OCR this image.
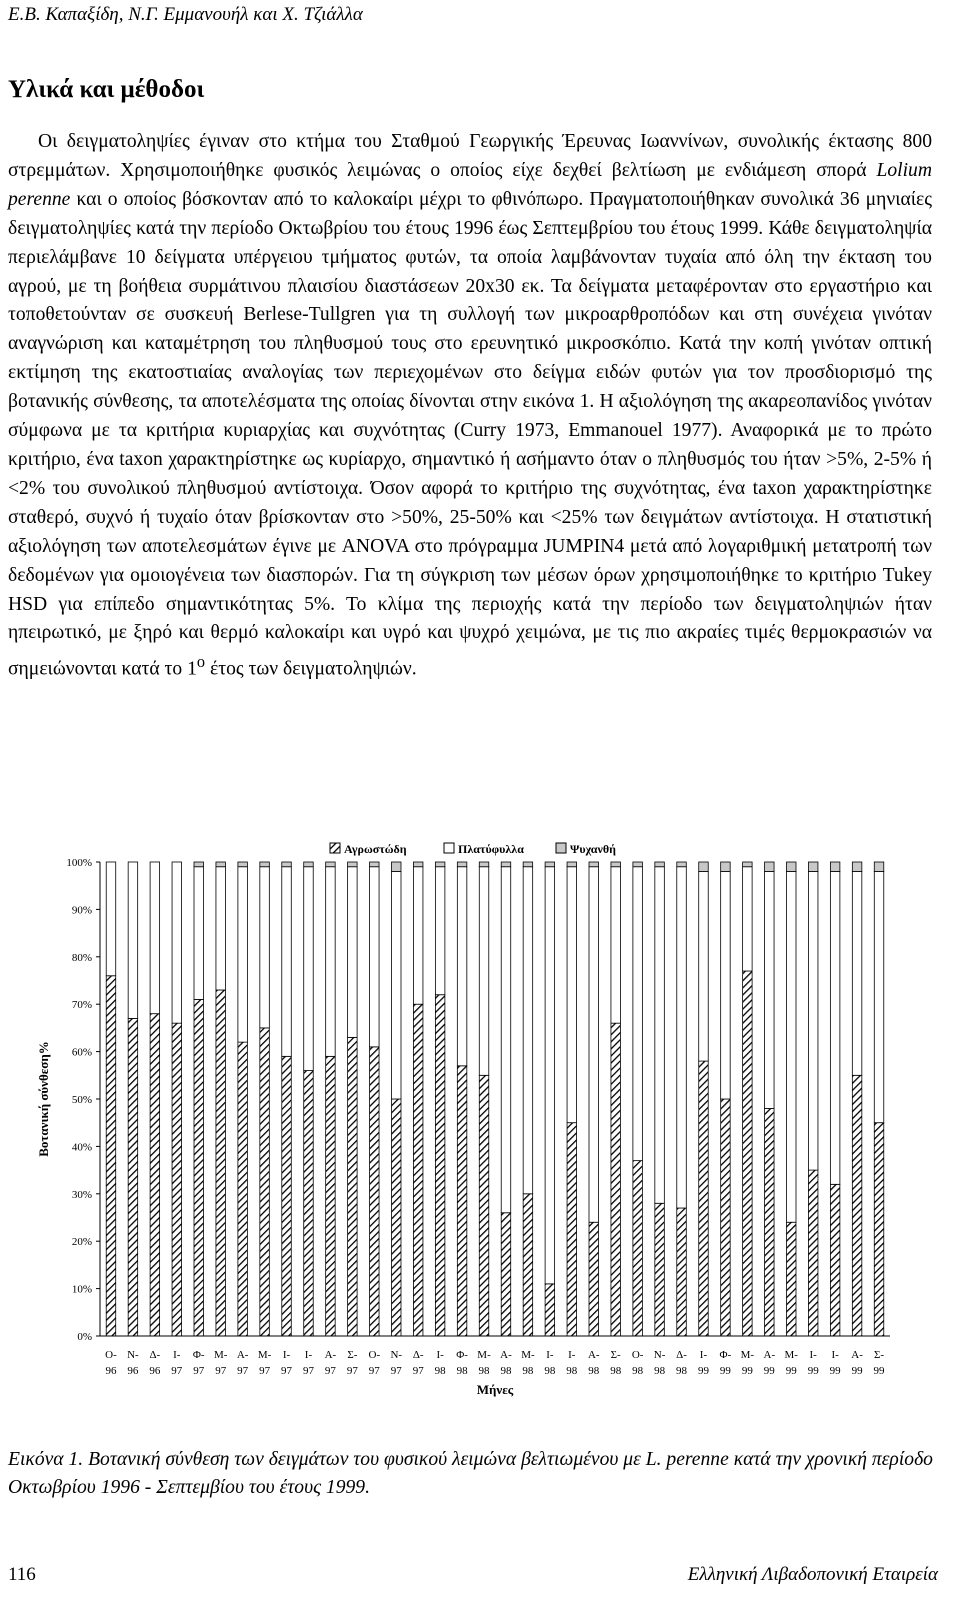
Ε.Β. Καπαξίδη, Ν.Γ. Εμμανουήλ και Χ. Τζιάλλα
Υλικά και μέθοδοι

Οι δειγματοληψίες έγιναν στο κτήμα του Σταθμού Γεωργικής Έρευνας Ιωαννίνων, συνολικής έκτασης 800 στρεμμάτων. Χρησιμοποιήθηκε φυσικός λειμώνας ο οποίος είχε δεχθεί βελτίωση με ενδιάμεση σπορά Lolium perenne και ο οποίος βόσκονταν από το καλοκαίρι μέχρι το φθινόπωρο. Πραγματοποιήθηκαν συνολικά 36 μηνιαίες δειγματοληψίες κατά την περίοδο Οκτωβρίου του έτους 1996 έως Σεπτεμβρίου του έτους 1999. Κάθε δειγματοληψία περιελάμβανε 10 δείγματα υπέργειου τμήματος φυτών, τα οποία λαμβάνονταν τυχαία από όλη την έκταση του αγρού, με τη βοήθεια συρμάτινου πλαισίου διαστάσεων 20x30 εκ. Τα δείγματα μεταφέρονταν στο εργαστήριο και τοποθετούνταν σε συσκευή Berlese-Tullgren για τη συλλογή των μικροαρθροπόδων και στη συνέχεια γινόταν αναγνώριση και καταμέτρηση του πληθυσμού τους στο ερευνητικό μικροσκόπιο. Κατά την κοπή γινόταν οπτική εκτίμηση της εκατοστιαίας αναλογίας των περιεχομένων στο δείγμα ειδών φυτών για τον προσδιορισμό της βοτανικής σύνθεσης, τα αποτελέσματα της οποίας δίνονται στην εικόνα 1. Η αξιολόγηση της ακαρεοπανίδος γινόταν σύμφωνα με τα κριτήρια κυριαρχίας και συχνότητας (Curry 1973, Emmanouel 1977). Αναφορικά με το πρώτο κριτήριο, ένα taxon χαρακτηρίστηκε ως κυρίαρχο, σημαντικό ή ασήμαντο όταν ο πληθυσμός του ήταν >5%, 2-5% ή <2% του συνολικού πληθυσμού αντίστοιχα. Όσον αφορά το κριτήριο της συχνότητας, ένα taxon χαρακτηρίστηκε σταθερό, συχνό ή τυχαίο όταν βρίσκονταν στο >50%, 25-50% και <25% των δειγμάτων αντίστοιχα. Η στατιστική αξιολόγηση των αποτελεσμάτων έγινε με ANOVA στο πρόγραμμα JUMPIN4 μετά από λογαριθμική μετατροπή των δεδομένων για ομοιογένεια των διασπορών. Για τη σύγκριση των μέσων όρων χρησιμοποιήθηκε το κριτήριο Tukey HSD για επίπεδο σημαντικότητας 5%. Το κλίμα της περιοχής κατά την περίοδο των δειγματοληψιών ήταν ηπειρωτικό, με ξηρό και θερμό καλοκαίρι και υγρό και ψυχρό χειμώνα, με τις πιο ακραίες τιμές θερμοκρασιών να σημειώνονται κατά το $1^o$ έτος των δειγματοληψιών.

Αγρωστώδη	Πλατύφυλλα	Ψυχανθή
0%
10%
20%
30%
40%
50%
60%
70%
80%
90%
100%
Βοτανική σύνθεση%
Ο-
96
Ν-
96
Δ-
96
Ι-
97
Φ-
97
Μ-
97
Α-
97
Μ-
97
Ι-
97
Ι-
97
Α-
97
Σ-
97
Ο-
97
Ν-
97
Δ-
97
Ι-
98
Φ-
98
Μ-
98
Α-
98
Μ-
98
Ι-
98
Ι-
98
Α-
98
Σ-
98
Ο-
98
Ν-
98
Δ-
98
Ι-
99
Φ-
99
Μ-
99
Α-
99
Μ-
99
Ι-
99
Ι-
99
Α-
99
Σ-
99
Μήνες
Εικόνα 1. Βοτανική σύνθεση των δειγμάτων του φυσικού λειμώνα βελτιωμένου με L. perenne κατά την χρονική περίοδο Οκτωβρίου 1996 - Σεπτεμβίου του έτους 1999.
116	Ελληνική Λιβαδοπονική Εταιρεία
